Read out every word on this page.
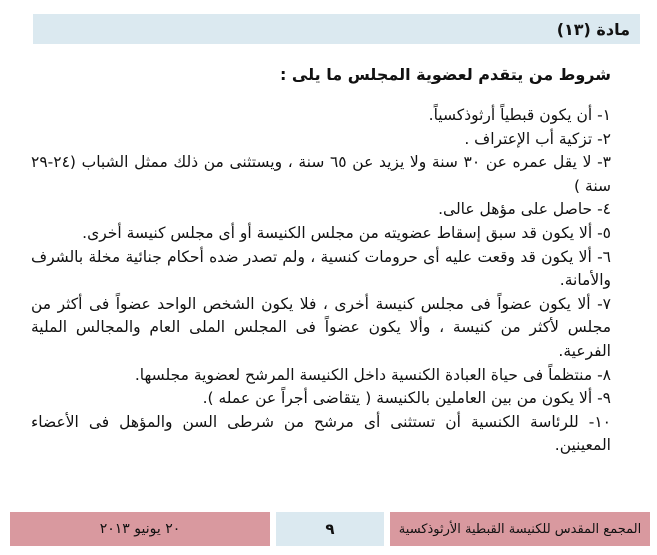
مادة (١٣)
شروط من يتقدم لعضوية المجلس ما يلى :
١- أن يكون قبطياً أرثوذكسياً.
٢- تزكية أب الإعتراف .
٣- لا يقل عمره عن ٣٠ سنة ولا يزيد عن ٦٥ سنة ، ويستثنى من ذلك ممثل الشباب (٢٤-٢٩ سنة )
٤- حاصل على مؤهل عالى.
٥- ألا يكون قد سبق إسقاط عضويته من مجلس الكنيسة أو أى مجلس كنيسة أخرى.
٦- ألا يكون قد وقعت عليه أى حرومات كنسية ، ولم تصدر ضده أحكام جنائية مخلة بالشرف والأمانة.
٧- ألا يكون عضواً فى مجلس كنيسة أخرى ، فلا يكون الشخص الواحد عضواً فى أكثر من مجلس لأكثر من كنيسة ، وألا يكون عضواً فى المجلس الملى العام والمجالس الملية الفرعية.
٨- منتظماً فى حياة العبادة الكنسية داخل الكنيسة المرشح لعضوية مجلسها.
٩- ألا يكون من بين العاملين بالكنيسة ( يتقاضى أجراً عن عمله ).
١٠- للرئاسة الكنسية أن تستثنى أى مرشح من شرطى السن والمؤهل فى الأعضاء المعينين.
المجمع المقدس للكنيسة القبطية الأرثوذكسية
٩
٢٠ يونيو ٢٠١٣
